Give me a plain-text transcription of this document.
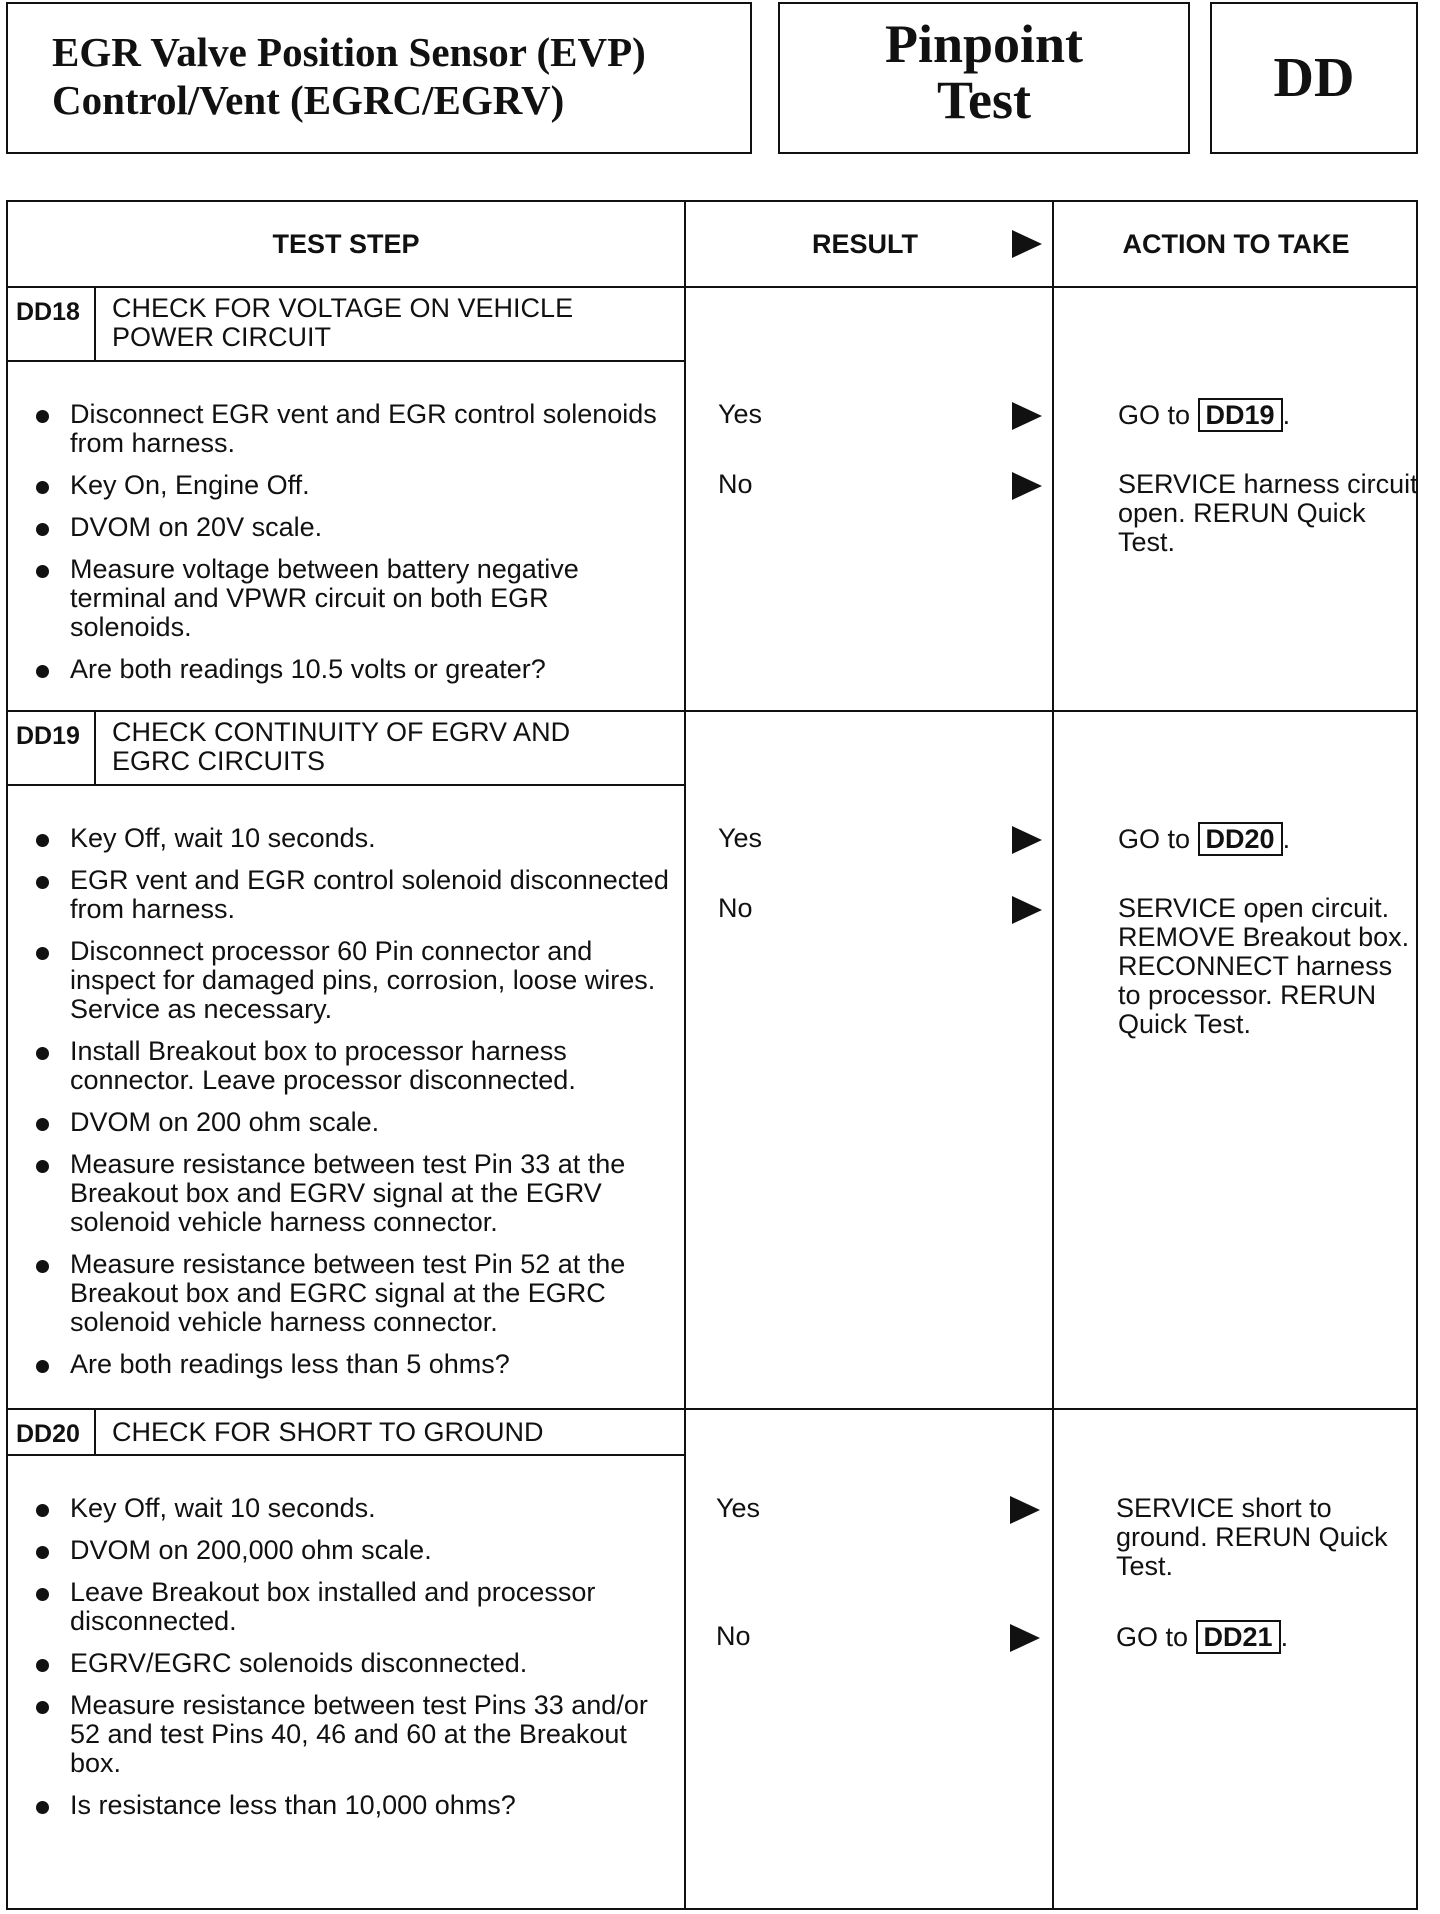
EGR Valve Position Sensor (EVP)
Control/Vent (EGRC/EGRV)
Pinpoint
Test	DD
TEST STEP	RESULT	ACTION TO TAKE
DD18	CHECK FOR VOLTAGE ON VEHICLE
POWER CIRCUIT
Disconnect EGR vent and EGR control solenoids from harness.
Key On, Engine Off.
DVOM on 20V scale.
Measure voltage between battery negative terminal and VPWR circuit on both EGR solenoids.
Are both readings 10.5 volts or greater?
Yes	GO to DD19 .
No	SERVICE harness circuit open. RERUN Quick Test.
DD19	CHECK CONTINUITY OF EGRV AND
EGRC CIRCUITS
Key Off, wait 10 seconds.
EGR vent and EGR control solenoid disconnected from harness.
Disconnect processor 60 Pin connector and inspect for damaged pins, corrosion, loose wires. Service as necessary.
Install Breakout box to processor harness connector. Leave processor disconnected.
DVOM on 200 ohm scale.
Measure resistance between test Pin 33 at the Breakout box and EGRV signal at the EGRV solenoid vehicle harness connector.
Measure resistance between test Pin 52 at the Breakout box and EGRC signal at the EGRC solenoid vehicle harness connector.
Are both readings less than 5 ohms?
Yes	GO to DD20 .
No	SERVICE open circuit. REMOVE Breakout box. RECONNECT harness to processor. RERUN Quick Test.
DD20	CHECK FOR SHORT TO GROUND
Key Off, wait 10 seconds.
DVOM on 200,000 ohm scale.
Leave Breakout box installed and processor disconnected.
EGRV/EGRC solenoids disconnected.
Measure resistance between test Pins 33 and/or 52 and test Pins 40, 46 and 60 at the Breakout box.
Is resistance less than 10,000 ohms?
Yes	SERVICE short to ground. RERUN Quick Test.
No	GO to DD21 .
